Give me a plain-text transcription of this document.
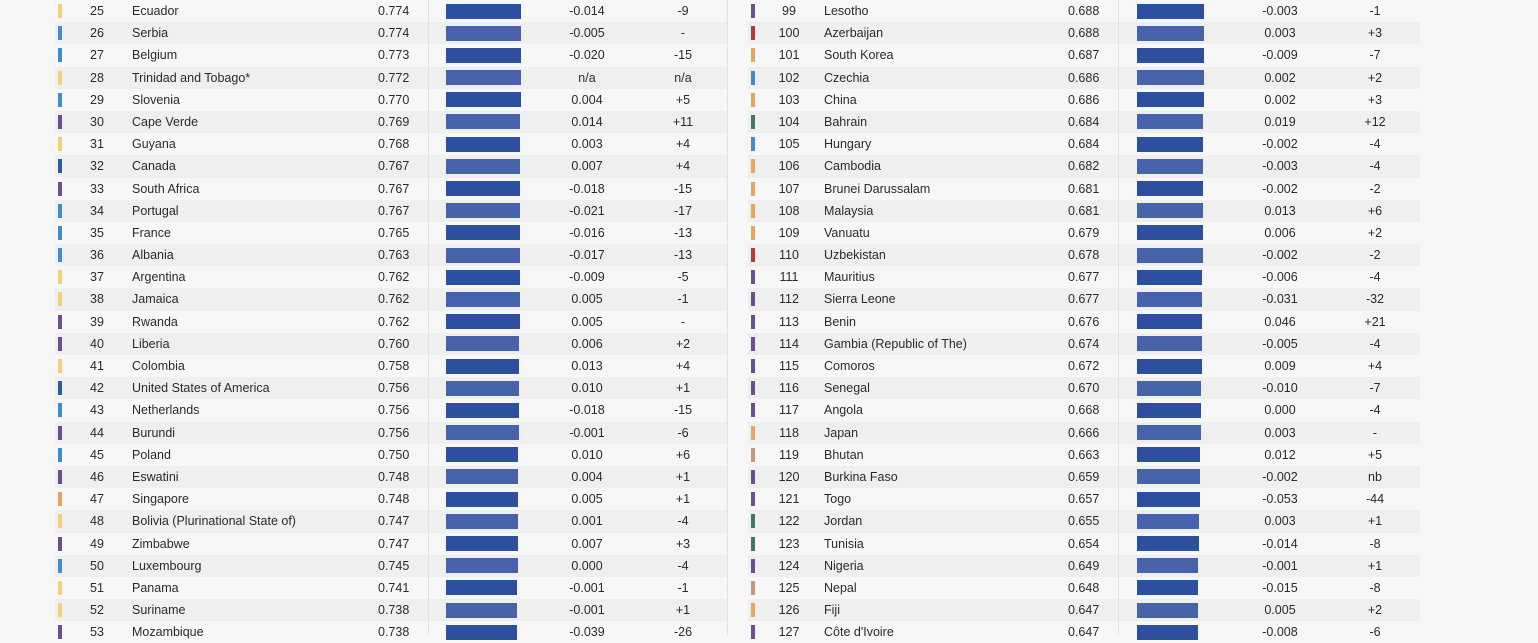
25	Ecuador	0.774	-0.014	-9
26	Serbia	0.774	-0.005	-
27	Belgium	0.773	-0.020	-15
28	Trinidad and Tobago*	0.772	n/a	n/a
29	Slovenia	0.770	0.004	+5
30	Cape Verde	0.769	0.014	+11
31	Guyana	0.768	0.003	+4
32	Canada	0.767	0.007	+4
33	South Africa	0.767	-0.018	-15
34	Portugal	0.767	-0.021	-17
35	France	0.765	-0.016	-13
36	Albania	0.763	-0.017	-13
37	Argentina	0.762	-0.009	-5
38	Jamaica	0.762	0.005	-1
39	Rwanda	0.762	0.005	-
40	Liberia	0.760	0.006	+2
41	Colombia	0.758	0.013	+4
42	United States of America	0.756	0.010	+1
43	Netherlands	0.756	-0.018	-15
44	Burundi	0.756	-0.001	-6
45	Poland	0.750	0.010	+6
46	Eswatini	0.748	0.004	+1
47	Singapore	0.748	0.005	+1
48	Bolivia (Plurinational State of)	0.747	0.001	-4
49	Zimbabwe	0.747	0.007	+3
50	Luxembourg	0.745	0.000	-4
51	Panama	0.741	-0.001	-1
52	Suriname	0.738	-0.001	+1
53	Mozambique	0.738	-0.039	-26
99	Lesotho	0.688	-0.003	-1
100	Azerbaijan	0.688	0.003	+3
101	South Korea	0.687	-0.009	-7
102	Czechia	0.686	0.002	+2
103	China	0.686	0.002	+3
104	Bahrain	0.684	0.019	+12
105	Hungary	0.684	-0.002	-4
106	Cambodia	0.682	-0.003	-4
107	Brunei Darussalam	0.681	-0.002	-2
108	Malaysia	0.681	0.013	+6
109	Vanuatu	0.679	0.006	+2
110	Uzbekistan	0.678	-0.002	-2
111	Mauritius	0.677	-0.006	-4
112	Sierra Leone	0.677	-0.031	-32
113	Benin	0.676	0.046	+21
114	Gambia (Republic of The)	0.674	-0.005	-4
115	Comoros	0.672	0.009	+4
116	Senegal	0.670	-0.010	-7
117	Angola	0.668	0.000	-4
118	Japan	0.666	0.003	-
119	Bhutan	0.663	0.012	+5
120	Burkina Faso	0.659	-0.002	nb
121	Togo	0.657	-0.053	-44
122	Jordan	0.655	0.003	+1
123	Tunisia	0.654	-0.014	-8
124	Nigeria	0.649	-0.001	+1
125	Nepal	0.648	-0.015	-8
126	Fiji	0.647	0.005	+2
127	Côte d'Ivoire	0.647	-0.008	-6
